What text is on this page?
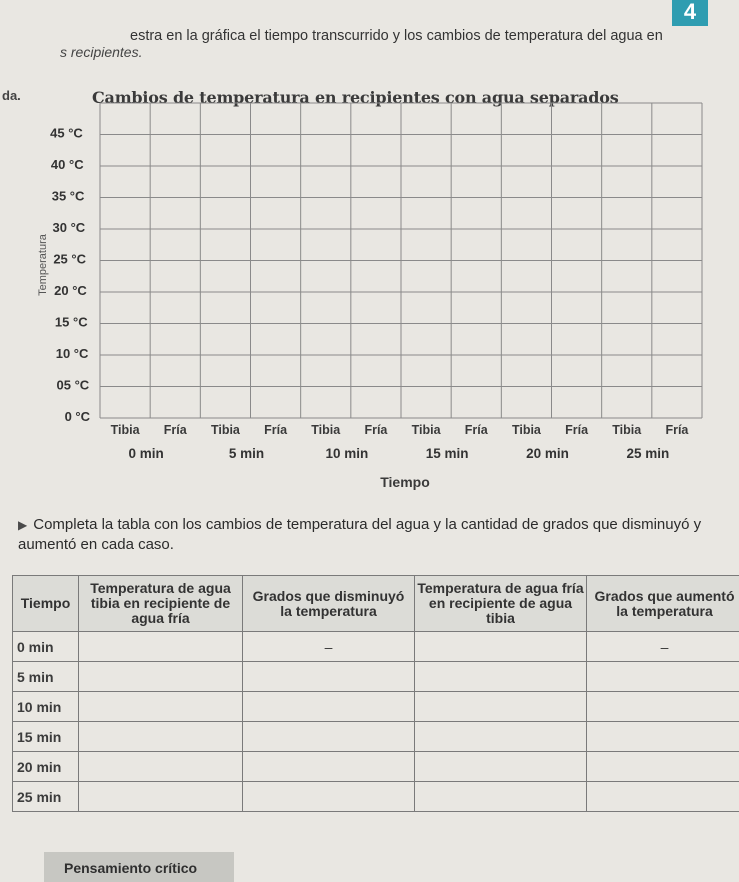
4
estra en la gráfica el tiempo transcurrido y los cambios de temperatura del agua en
s recipientes.
da.	Cambios de temperatura en recipientes con agua separados
0 °C
05 °C
10 °C
15 °C
20 °C
25 °C
30 °C
35 °C
40 °C
45 °C
Tibia Fría Tibia Fría Tibia Fría Tibia Fría Tibia Fría Tibia Fría
0 min	5 min	10 min	15 min	20 min	25 min
Temperatura
Tiempo
▶ Completa la tabla con los cambios de temperatura del agua y la cantidad de grados que disminuyó y aumentó en cada caso.
Tiempo	Temperatura de agua tibia en recipiente de agua fría	Grados que disminuyó la temperatura	Temperatura de agua fría en recipiente de agua tibia	Grados que aumentó la temperatura
0 min		–		–
5 min				
10 min				
15 min				
20 min				
25 min				
Pensamiento crítico
